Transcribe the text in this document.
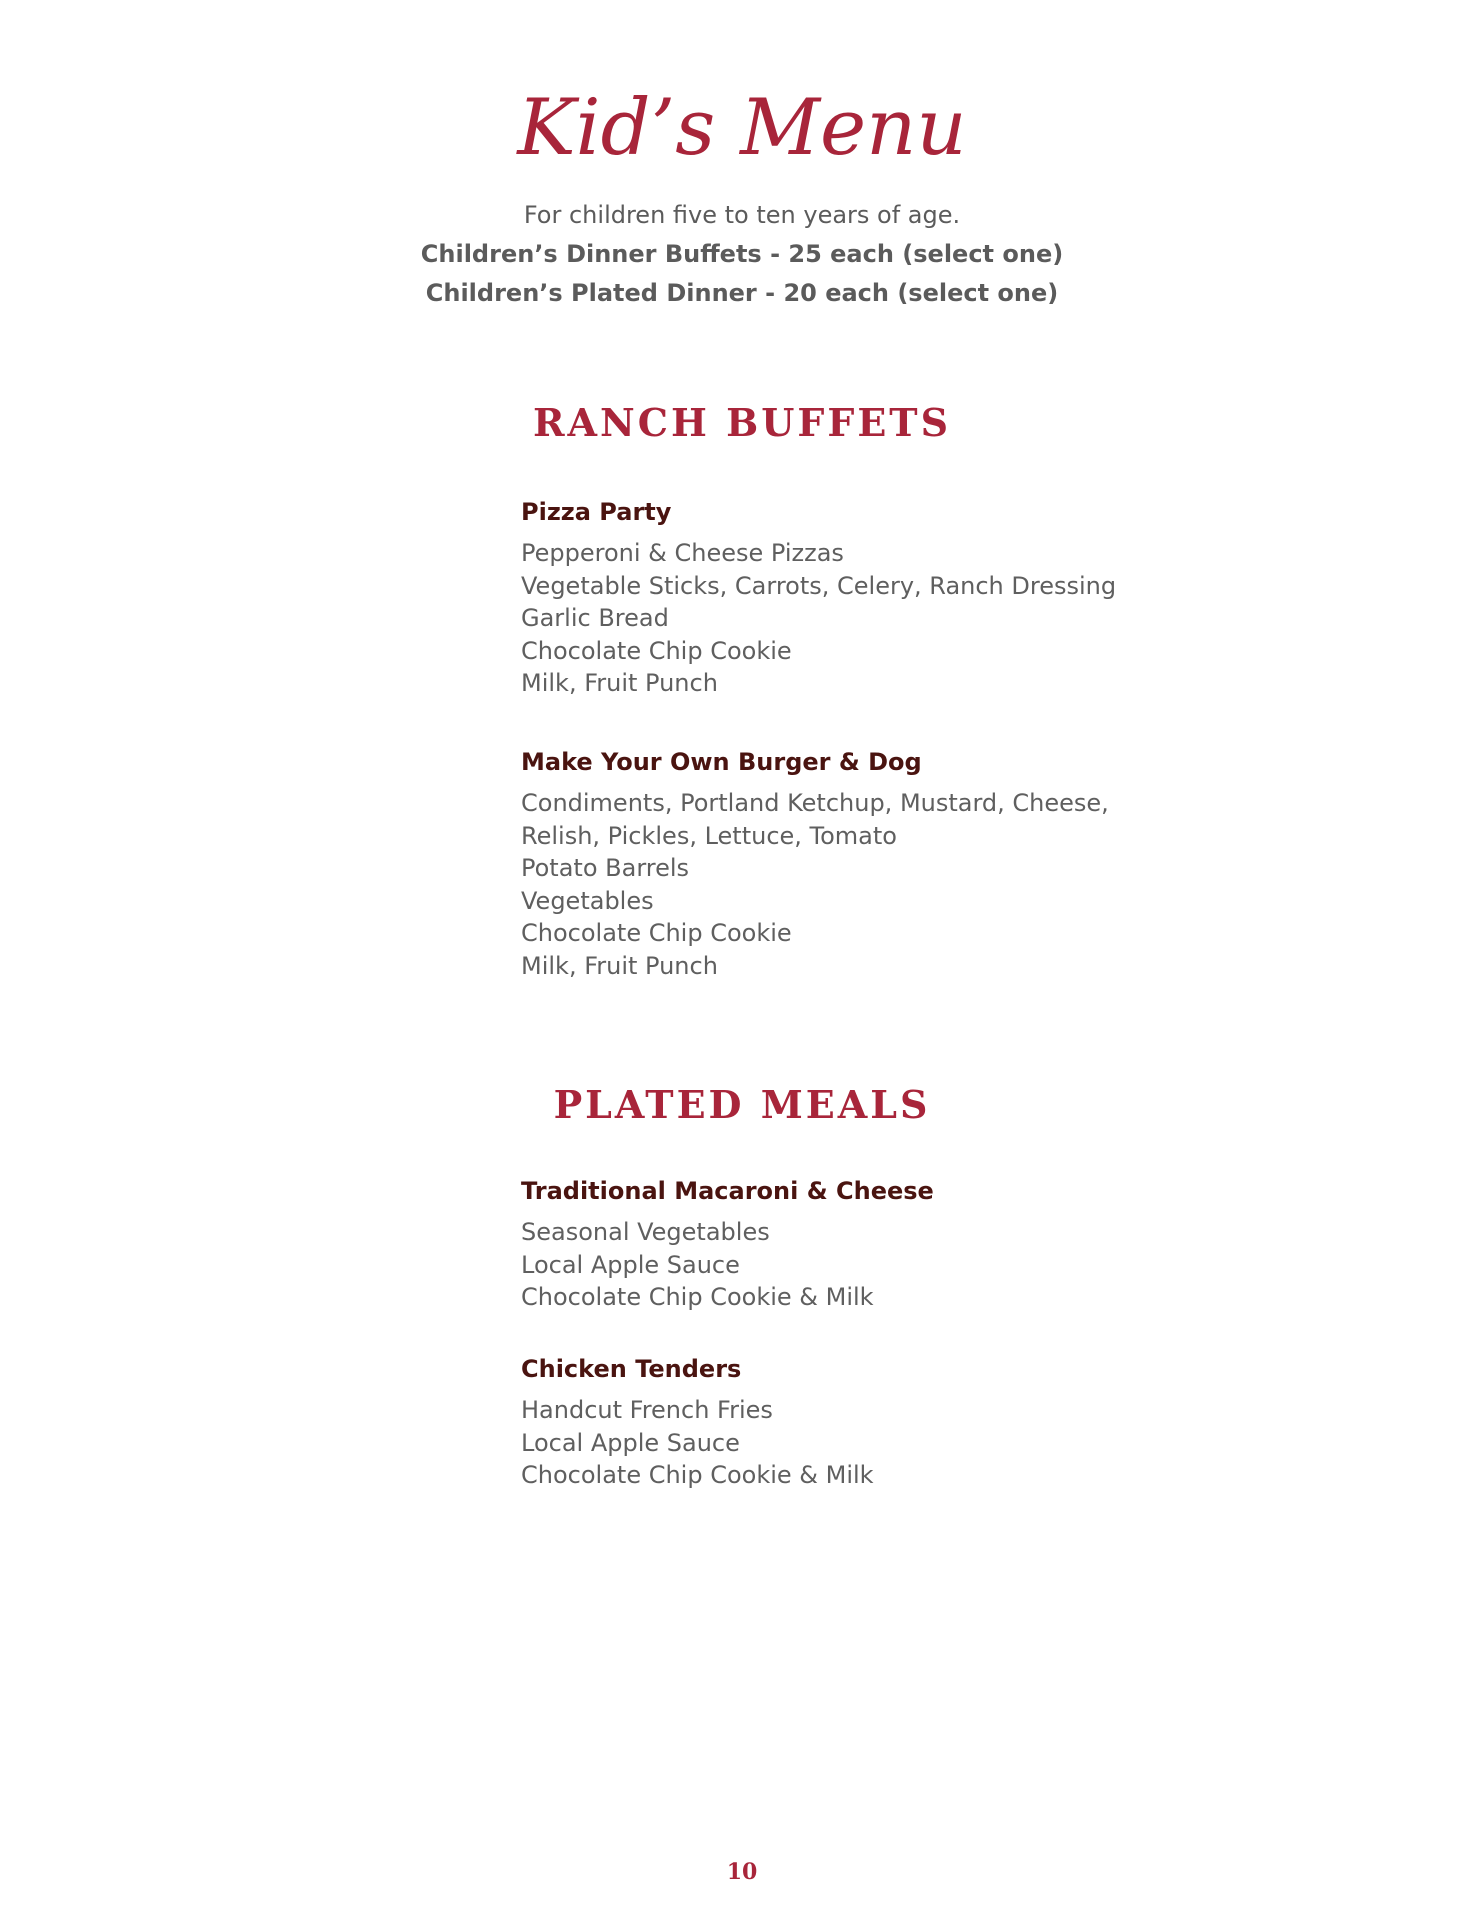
Kid’s Menu
For children five to ten years of age.
Children’s Dinner Buffets - 25 each (select one)
Children’s Plated Dinner - 20 each (select one)
RANCH BUFFETS
Pizza Party
Pepperoni & Cheese Pizzas
Vegetable Sticks, Carrots, Celery, Ranch Dressing
Garlic Bread
Chocolate Chip Cookie
Milk, Fruit Punch
Make Your Own Burger & Dog
Condiments, Portland Ketchup, Mustard, Cheese,
Relish, Pickles, Lettuce, Tomato
Potato Barrels
Vegetables
Chocolate Chip Cookie
Milk, Fruit Punch
PLATED MEALS
Traditional Macaroni & Cheese
Seasonal Vegetables
Local Apple Sauce
Chocolate Chip Cookie & Milk
Chicken Tenders
Handcut French Fries
Local Apple Sauce
Chocolate Chip Cookie & Milk
10
